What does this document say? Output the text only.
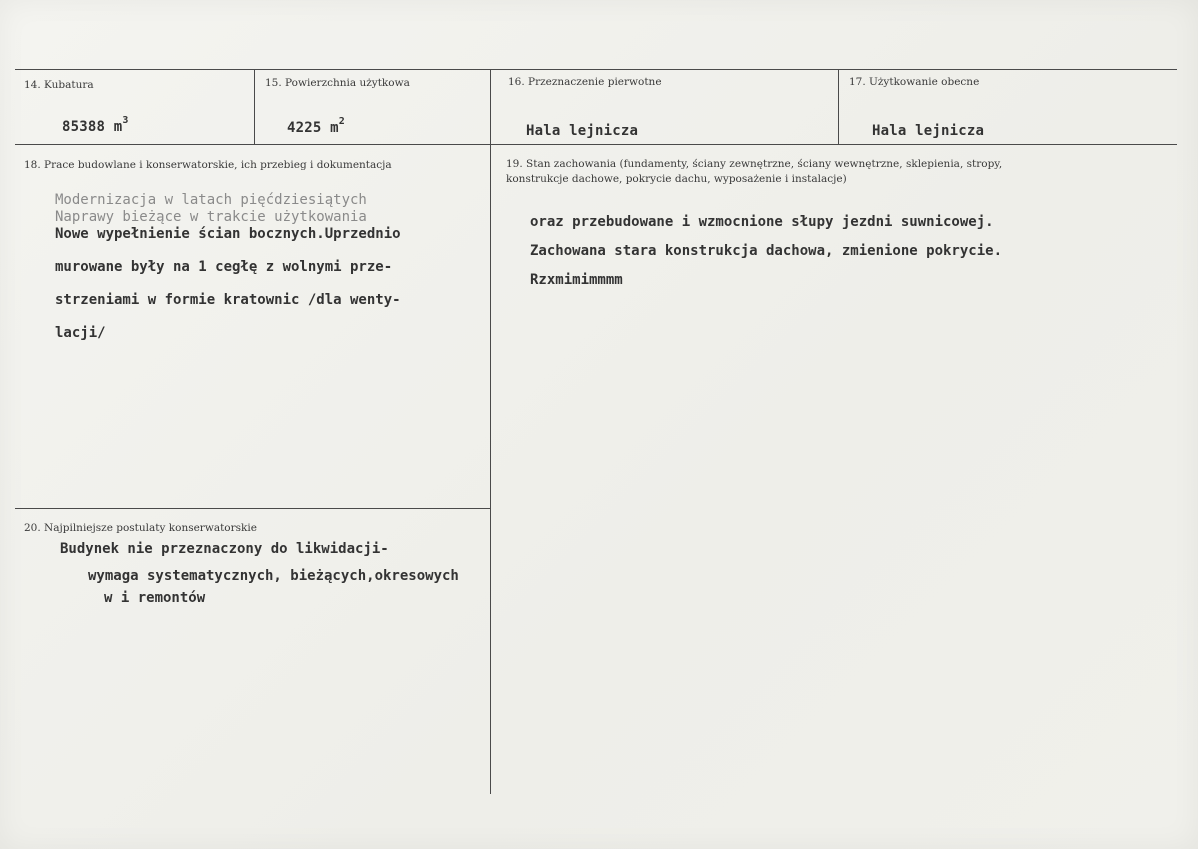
14. Kubatura
85388 $m^3$
15. Powierzchnia użytkowa
4225 $m^2$
16. Przeznaczenie pierwotne
Hala lejnicza
17. Użytkowanie obecne
Hala lejnicza
18. Prace budowlane i konserwatorskie, ich przebieg i dokumentacja
Modernizacja w latach pięćdziesiątych
Naprawy bieżące w trakcie użytkowania
Nowe wypełnienie ścian bocznych.Uprzednio
murowane były na 1 cegłę z wolnymi prze-
strzeniami w formie kratownic /dla wenty-
lacji/
19. Stan zachowania (fundamenty, ściany zewnętrzne, ściany wewnętrzne, sklepienia, stropy,
konstrukcje dachowe, pokrycie dachu, wyposażenie i instalacje)
oraz przebudowane i wzmocnione słupy jezdni suwnicowej.
Zachowana stara konstrukcja dachowa, zmienione pokrycie.
Rzxmimimmmm
20. Najpilniejsze postulaty konserwatorskie
Budynek nie przeznaczony do likwidacji-
wymaga systematycznych, bieżących,okresowych
w i remontów
